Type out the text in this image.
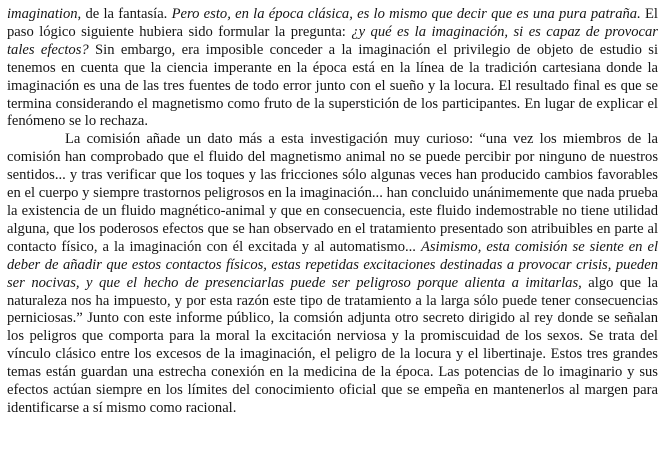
imagination, de la fantasía. Pero esto, en la época clásica, es lo mismo que decir que es una pura patraña. El paso lógico siguiente hubiera sido formular la pregunta: ¿y qué es la imaginación, si es capaz de provocar tales efectos? Sin embargo, era imposible conceder a la imaginación el privilegio de objeto de estudio si tenemos en cuenta que la ciencia imperante en la época está en la línea de la tradición cartesiana donde la imaginación es una de las tres fuentes de todo error junto con el sueño y la locura. El resultado final es que se termina considerando el magnetismo como fruto de la superstición de los participantes. En lugar de explicar el fenómeno se lo rechaza.

La comisión añade un dato más a esta investigación muy curioso: “una vez los miembros de la comisión han comprobado que el fluido del magnetismo animal no se puede percibir por ninguno de nuestros sentidos... y tras verificar que los toques y las fricciones sólo algunas veces han producido cambios favorables en el cuerpo y siempre trastornos peligrosos en la imaginación... han concluido unánimemente que nada prueba la existencia de un fluido magnético-animal y que en consecuencia, este fluido indemostrable no tiene utilidad alguna, que los poderosos efectos que se han observado en el tratamiento presentado son atribuibles en parte al contacto físico, a la imaginación con él excitada y al automatismo... Asimismo, esta comisión se siente en el deber de añadir que estos contactos físicos, estas repetidas excitaciones destinadas a provocar crisis, pueden ser nocivas, y que el hecho de presenciarlas puede ser peligroso porque alienta a imitarlas, algo que la naturaleza nos ha impuesto, y por esta razón este tipo de tratamiento a la larga sólo puede tener consecuencias perniciosas.” Junto con este informe público, la comsión adjunta otro secreto dirigido al rey donde se señalan los peligros que comporta para la moral la excitación nerviosa y la promiscuidad de los sexos. Se trata del vínculo clásico entre los excesos de la imaginación, el peligro de la locura y el libertinaje. Estos tres grandes temas están guardan una estrecha conexión en la medicina de la época. Las potencias de lo imaginario y sus efectos actúan siempre en los límites del conocimiento oficial que se empeña en mantenerlos al margen para identificarse a sí mismo como racional.
